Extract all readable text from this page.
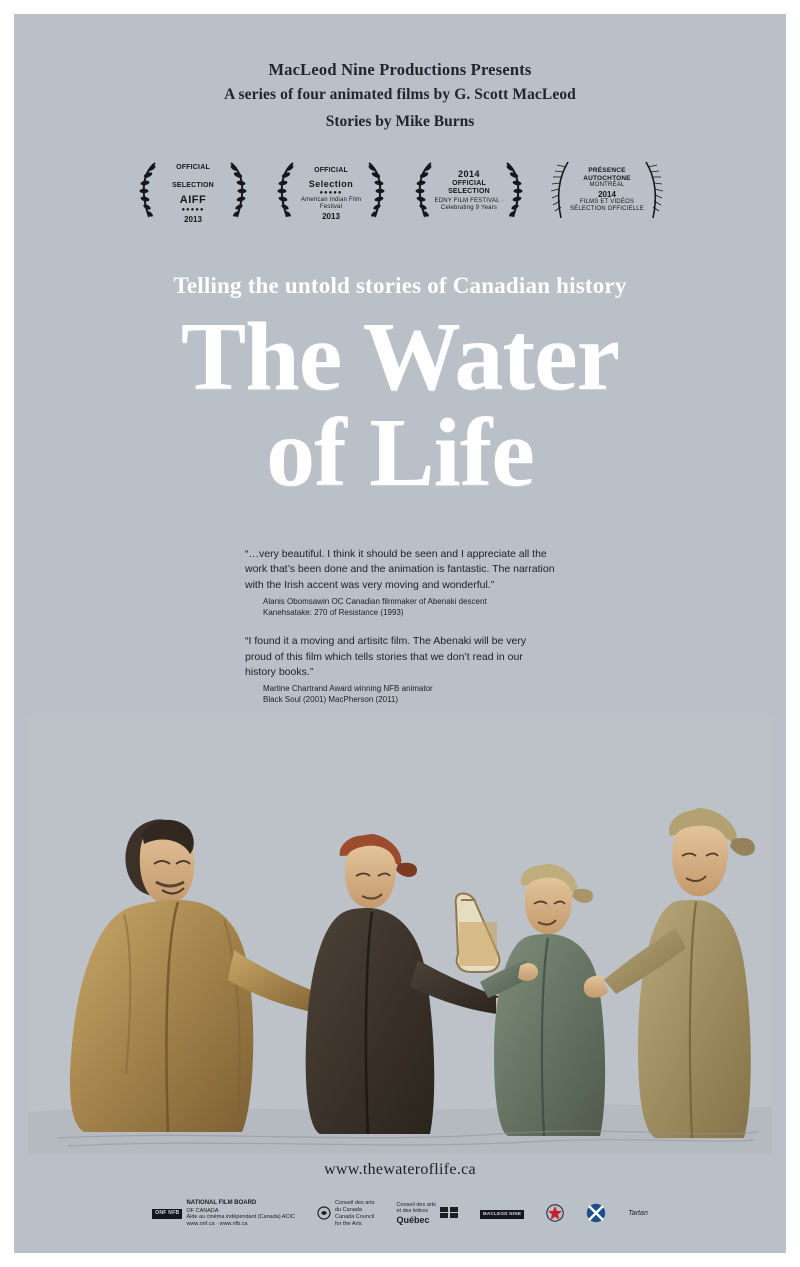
MacLeod Nine Productions Presents
A series of four animated films by G. Scott MacLeod
Stories by Mike Burns
OFFICIAL SELECTION
AIFF
●●●●●
2013
OFFICIAL
Selection
●●●●●
American Indian Film Festival
2013
2014
OFFICIAL
SELECTION
EDNY FILM FESTIVAL · Celebrating 9 Years
PRÉSENCE
AUTOCHTONE
MONTRÉAL
2014
FILMS ET VIDÉOS SÉLECTION OFFICIELLE
Telling the untold stories of Canadian history
The Water
of Life
“…very beautiful. I think it should be seen and I appreciate all the work that’s been done and the animation is fantastic. The narration with the Irish accent was very moving and wonderful.”
Alanis Obomsawin OC Canadian filmmaker of Abenaki descent
Kanehsatake: 270 of Resistance (1993)
“I found it a moving and artisitc film. The Abenaki will be very proud of this film which tells stories that we don’t read in our history books.”
Martine Chartrand Award winning NFB animator
Black Soul (2001) MacPherson (2011)
www.thewateroflife.ca
ONF NFB
NATIONAL FILM BOARD
OF CANADA
Aide au cinéma indépendant (Canada) ACIC
www.onf.ca · www.nfb.ca
Conseil des arts
du Canada
Canada Council
for the Arts
Conseil des arts
et des lettres
Québec
MACLEOD NINE	Tartan
